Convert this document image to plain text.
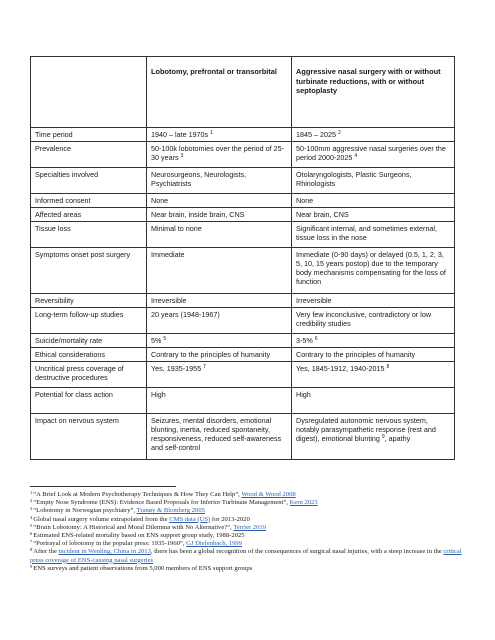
	Lobotomy, prefrontal or transorbital	Aggressive nasal surgery with or without turbinate reductions, with or without septoplasty
Time period	1940 – late 1970s $^1$	1845 – 2025 $^2$
Prevalence	50-100k lobotomies over the period of 25-30 years $^3$	50-100mm aggressive nasal surgeries over the period 2000-2025 $^4$
Specialties involved	Neurosurgeons, Neurologists, Psychiatrists	Otolaryngologists, Plastic Surgeons, Rhinologists
Informed consent	None	None
Affected areas	Near brain, inside brain, CNS	Near brain, CNS
Tissue loss	Minimal to none	Significant internal, and sometimes external, tissue loss in the nose
Symptoms onset post surgery	Immediate	Immediate (0-90 days) or delayed (0.5, 1, 2, 3, 5, 10, 15 years postop) due to the temporary body mechanisms compensating for the loss of function
Reversibility	Irreversible	Irreversible
Long-term follow-up studies	20 years (1948-1967)	Very few inconclusive, contradictory or low credibility studies
Suicide/mortality rate	5% $^5$	3-5% $^6$
Ethical considerations	Contrary to the principles of humanity	Contrary to the principles of humanity
Uncritical press coverage of destructive procedures	Yes, 1935-1955 $^7$	Yes, 1845-1912, 1940-2015 $^8$
Potential for class action	High	High
Impact on nervous system	Seizures, mental disorders, emotional blunting, inertia, reduced spontaneity, responsiveness, reduced self-awareness and self-control	Dysregulated autonomic nervous system, notably parasympathetic response (rest and digest), emotional blunting $^9$, apathy
$^1$“A Brief Look at Modern Psychotherapy Techniques & How They Can Help”, Wood & Wood 2008
$^2$“Empty Nose Syndrome (ENS): Evidence Based Proposals for Inferior Turbinate Management”, Kern 2023
$^3$“Lobotomy in Norwegian psychiatry”, Tranøy & Blomberg 2005
$^4$Global nasal surgery volume extrapolated from the CMS data (US) for 2013-2020
$^5$“Brain Lobotomy: A Historical and Moral Dilemma with No Alternative?”, Terrier 2019
$^6$Estimated ENS-related mortality based on ENS support group study, 1988-2025
$^7$“Portrayal of lobotomy in the popular press: 1935-1960”, GJ Diefenbach, 1999
$^8$After the incident in Wenling, China in 2013, there has been a global recognition of the consequences of surgical nasal injuries, with a steep increase in the critical press coverage of ENS-causing nasal surgeries
$^9$ENS surveys and patient observations from 5,000 members of ENS support groups
